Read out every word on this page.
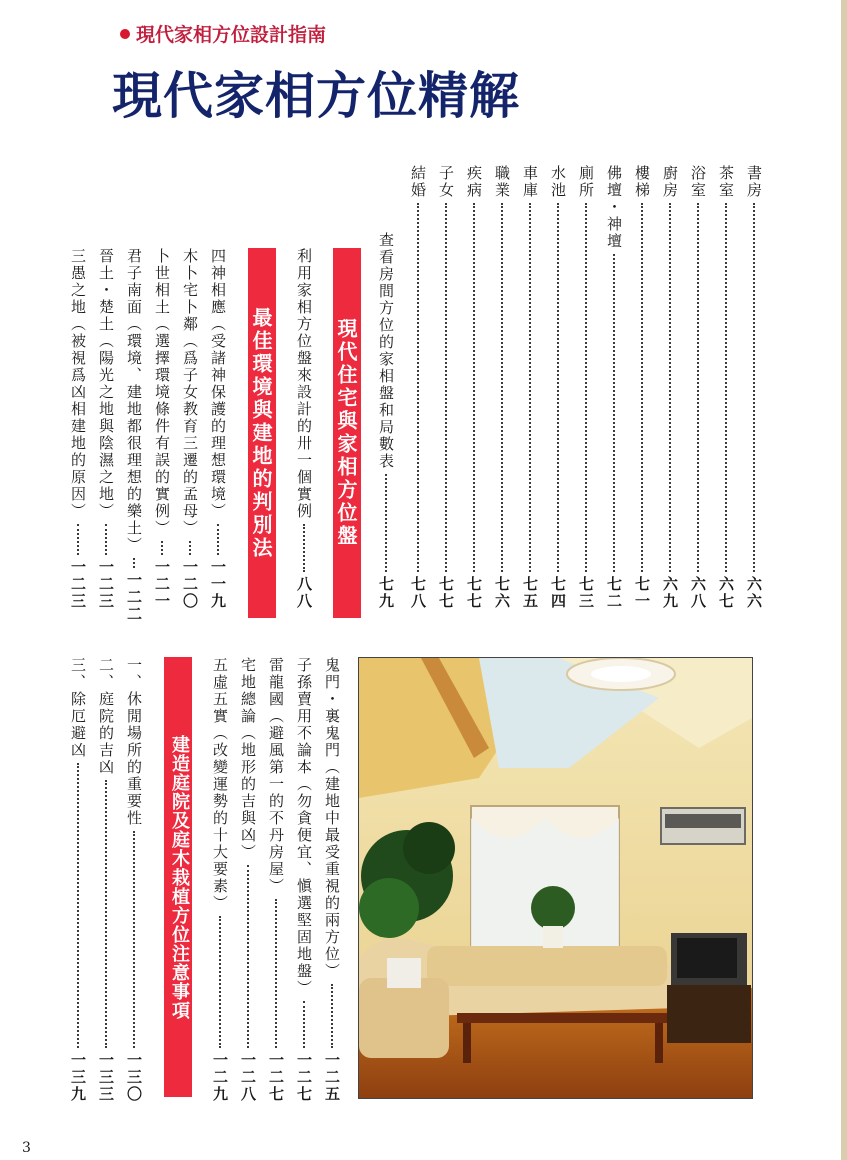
現代家相方位設計指南
現代家相方位精解
書房
六六
茶室
六七
浴室
六八
廚房
六九
樓梯
七一
佛壇・神壇
七二
廁所
七三
水池
七四
車庫
七五
職業
七六
疾病
七七
子女
七七
結婚
七八
查看房間方位的家相盤和局數表
七九
現代住宅與家相方位盤
利用家相方位盤來設計的卅一個實例
八八
最佳環境與建地的判別法
四神相應（受諸神保護的理想環境）
一一九
木卜宅卜鄰（爲子女教育三遷的孟母）
一二〇
卜世相土（選擇環境條件有誤的實例）
一二一
君子南面（環境、建地都很理想的樂土）
一二二
晉土・楚土（陽光之地與陰濕之地）
一二三
三愚之地（被視爲凶相建地的原因）
一二三
鬼門・裏鬼門（建地中最受重視的兩方位）
一二五
子孫賣用不論本（勿貪便宜、愼選堅固地盤）
一二七
雷龍國（避風第一的不丹房屋）
一二七
宅地總論（地形的吉與凶）
一二八
五虛五實（改變運勢的十大要素）
一二九
建造庭院及庭木栽植方位注意事項
一、休閒場所的重要性
一三〇
二、庭院的吉凶
一三三
三、除厄避凶
一三九
3
